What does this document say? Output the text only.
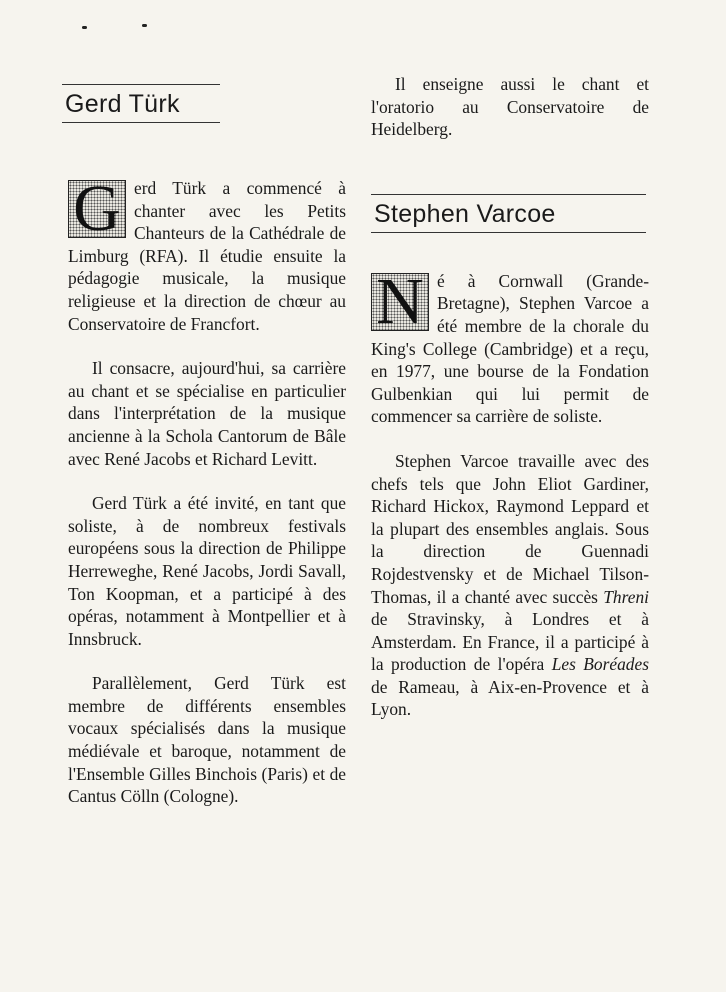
Gerd Türk
G erd Türk a commencé à chanter avec les Petits Chanteurs de la Cathédrale de Limburg (RFA). Il étudie ensuite la pédagogie musicale, la musique religieuse et la direction de chœur au Conservatoire de Francfort.

Il consacre, aujourd'hui, sa carrière au chant et se spécialise en particulier dans l'interprétation de la musique ancienne à la Schola Cantorum de Bâle avec René Jacobs et Richard Levitt.

Gerd Türk a été invité, en tant que soliste, à de nombreux festivals européens sous la direction de Philippe Herreweghe, René Jacobs, Jordi Savall, Ton Koopman, et a participé à des opéras, notamment à Montpellier et à Innsbruck.

Parallèlement, Gerd Türk est membre de différents ensembles vocaux spécialisés dans la musique médiévale et baroque, notamment de l'Ensemble Gilles Binchois (Paris) et de Cantus Cölln (Cologne).

Il enseigne aussi le chant et l'oratorio au Conservatoire de Heidelberg.

Stephen Varcoe
N é à Cornwall (Grande-Bretagne), Stephen Varcoe a été membre de la chorale du King's College (Cambridge) et a reçu, en 1977, une bourse de la Fondation Gulbenkian qui lui permit de commencer sa carrière de soliste.

Stephen Varcoe travaille avec des chefs tels que John Eliot Gardiner, Richard Hickox, Raymond Leppard et la plupart des ensembles anglais. Sous la direction de Guennadi Rojdestvensky et de Michael Tilson-Thomas, il a chanté avec succès Threni de Stravinsky, à Londres et à Amsterdam. En France, il a participé à la production de l'opéra Les Boréades de Rameau, à Aix-en-Provence et à Lyon.
